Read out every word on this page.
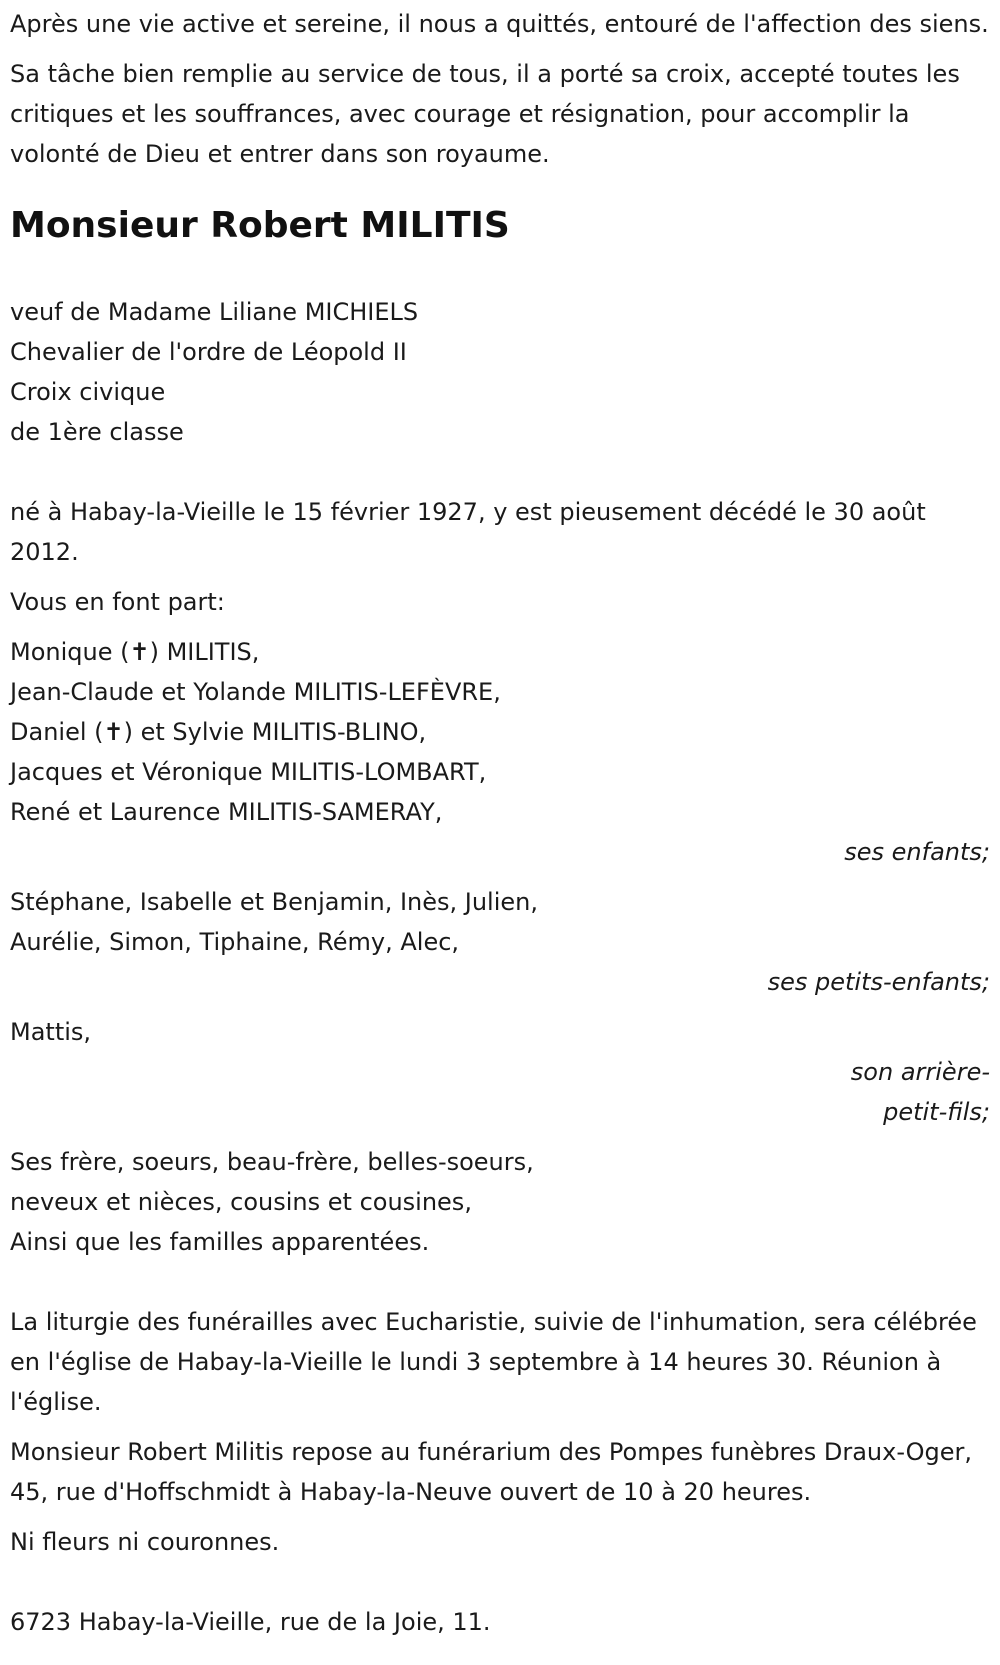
Après une vie active et sereine, il nous a quittés, entouré de l'affection des siens.

Sa tâche bien remplie au service de tous, il a porté sa croix, accepté toutes les critiques et les souffrances, avec courage et résignation, pour accomplir la volonté de Dieu et entrer dans son royaume.

Monsieur Robert MILITIS
veuf de Madame Liliane MICHIELS
Chevalier de l'ordre de Léopold II
Croix civique
de 1ère classe

né à Habay-la-Vieille le 15 février 1927, y est pieusement décédé le 30 août 2012.

Vous en font part:

Monique (✝) MILITIS,
Jean-Claude et Yolande MILITIS-LEFÈVRE,
Daniel (✝) et Sylvie MILITIS-BLINO,
Jacques et Véronique MILITIS-LOMBART,
René et Laurence MILITIS-SAMERAY,
ses enfants;
Stéphane, Isabelle et Benjamin, Inès, Julien,
Aurélie, Simon, Tiphaine, Rémy, Alec,
ses petits-enfants;
Mattis,
son arrière-
petit-fils;
Ses frère, soeurs, beau-frère, belles-soeurs,
neveux et nièces, cousins et cousines,
Ainsi que les familles apparentées.

La liturgie des funérailles avec Eucharistie, suivie de l'inhumation, sera célébrée en l'église de Habay-la-Vieille le lundi 3 septembre à 14 heures 30. Réunion à l'église.

Monsieur Robert Militis repose au funérarium des Pompes funèbres Draux-Oger, 45, rue d'Hoffschmidt à Habay-la-Neuve ouvert de 10 à 20 heures.

Ni fleurs ni couronnes.

6723 Habay-la-Vieille, rue de la Joie, 11.
